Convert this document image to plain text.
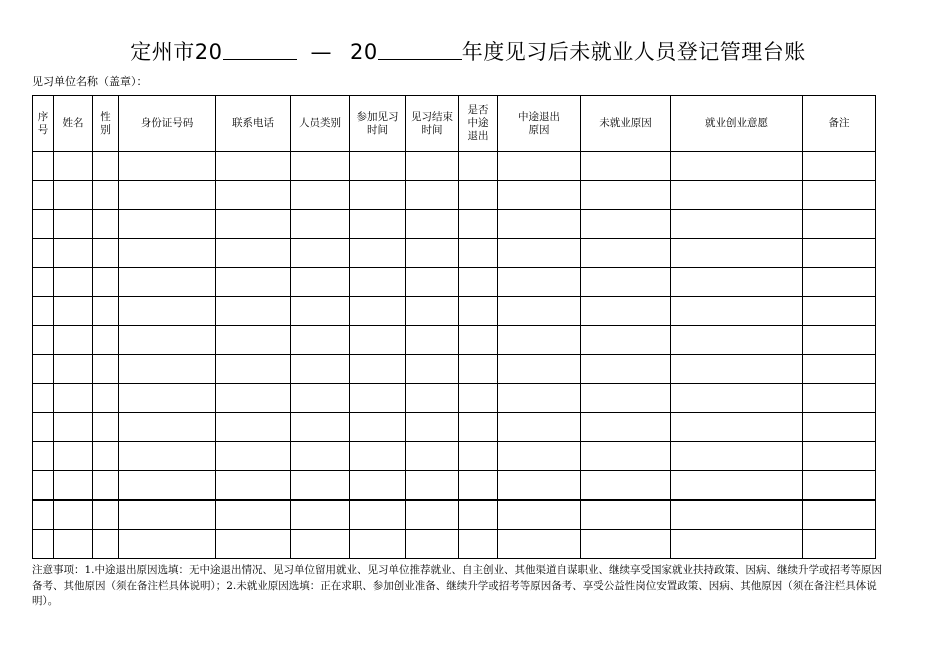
定州市20	— 20	年度见习后未就业人员登记管理台账
见习单位名称（盖章）：
序号	姓名	性别	身份证号码	联系电话	人员类别	参加见习时间	见习结束时间	是否中途退出	中途退出原因	未就业原因	就业创业意愿	备注

注意事项：1.中途退出原因选填：无中途退出情况、见习单位留用就业、见习单位推荐就业、自主创业、其他渠道自谋职业、继续享受国家就业扶持政策、因病、继续升学或招考等原因备考、其他原因（须在备注栏具体说明）；2.未就业原因选填：正在求职、参加创业准备、继续升学或招考等原因备考、享受公益性岗位安置政策、因病、其他原因（须在备注栏具体说明）。
